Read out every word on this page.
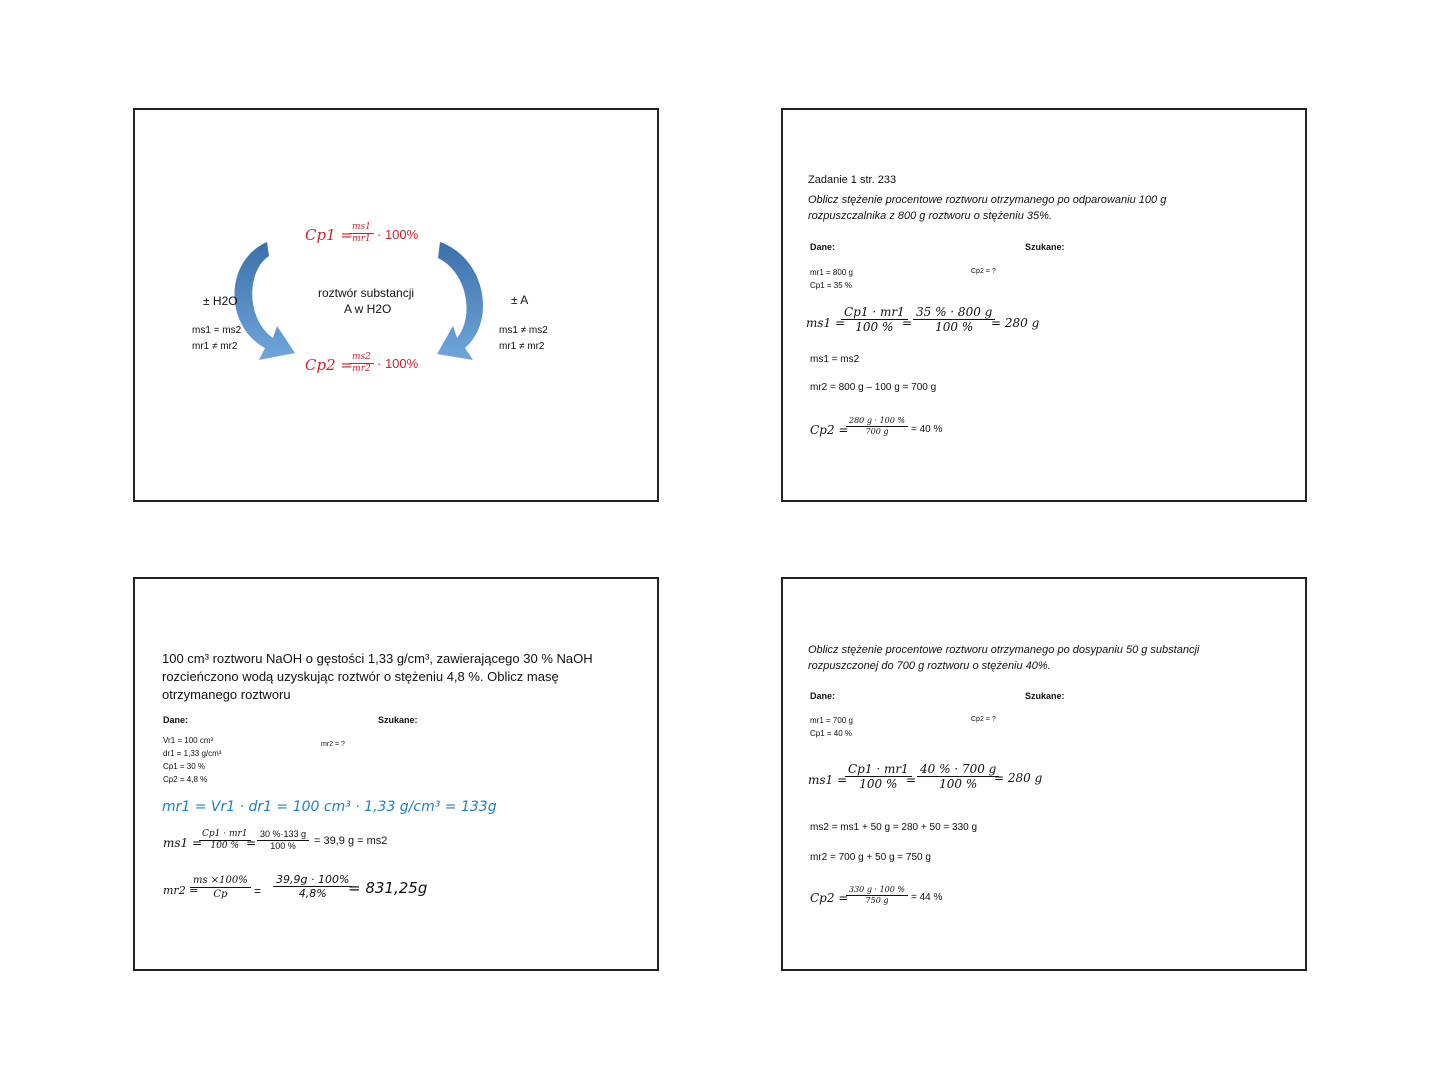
Cp1 =
$\frac{ms1}{mr1} \cdot 100\%$
roztwór substancji
A w H2O
Cp2 =
$\frac{ms2}{mr2} \cdot 100\%$
± H2O
ms1 = ms2
mr1 ≠ mr2
± A
ms1 ≠ ms2
mr1 ≠ mr2
Zadanie 1 str. 233
Oblicz stężenie procentowe roztworu otrzymanego po odparowaniu 100 g
rozpuszczalnika z 800 g roztworu o stężeniu 35%.
Dane:	Szukane:
mr1 = 800 g
Cp1 = 35 %
Cp2 = ?
ms1 =
$\frac{Cp1 \cdot mr1}{100 \%}$
= $\frac{35 \% \cdot 800 g}{100 \%}$
= 280 g
ms1 = ms2
mr2 = 800 g – 100 g = 700 g
Cp2 =
$\frac{280 g \cdot 100 \%}{700 g} = 40$ %
100 cm³ roztworu NaOH o gęstości 1,33 g/cm³, zawierającego 30 % NaOH
rozcieńczono wodą uzyskując roztwór o stężeniu 4,8 %. Oblicz masę
otrzymanego roztworu
Dane:	Szukane:
Vr1 = 100 cm³
dr1 = 1,33 g/cm³
Cp1 = 30 %
Cp2 = 4,8 %
mr2 = ?
mr1 = Vr1 · dr1 = 100 cm³ · 1,33 g/cm³ = 133g
ms1 =
$\frac{Cp1 \cdot mr1}{100 \%}$
= $\frac{30 \%\cdot 133 g}{100 \%} = 39,9$ g = ms2
mr2 =
$\frac{ms \times 100\%}{Cp} = \frac{39,9g \cdot 100\%}{4,8\%}$
= 831,25g
Oblicz stężenie procentowe roztworu otrzymanego po dosypaniu 50 g substancji
rozpuszczonej do 700 g roztworu o stężeniu 40%.
Dane:	Szukane:
mr1 = 700 g
Cp1 = 40 %
Cp2 = ?
ms1 =
$\frac{Cp1 \cdot mr1}{100 \%}$
= $\frac{40 \% \cdot 700 g}{100 \%}$
= 280 g
ms2 = ms1 + 50 g = 280 + 50 = 330 g
mr2 = 700 g + 50 g = 750 g
Cp2 =
$\frac{330 g \cdot 100 \%}{750 g} = 44$ %
